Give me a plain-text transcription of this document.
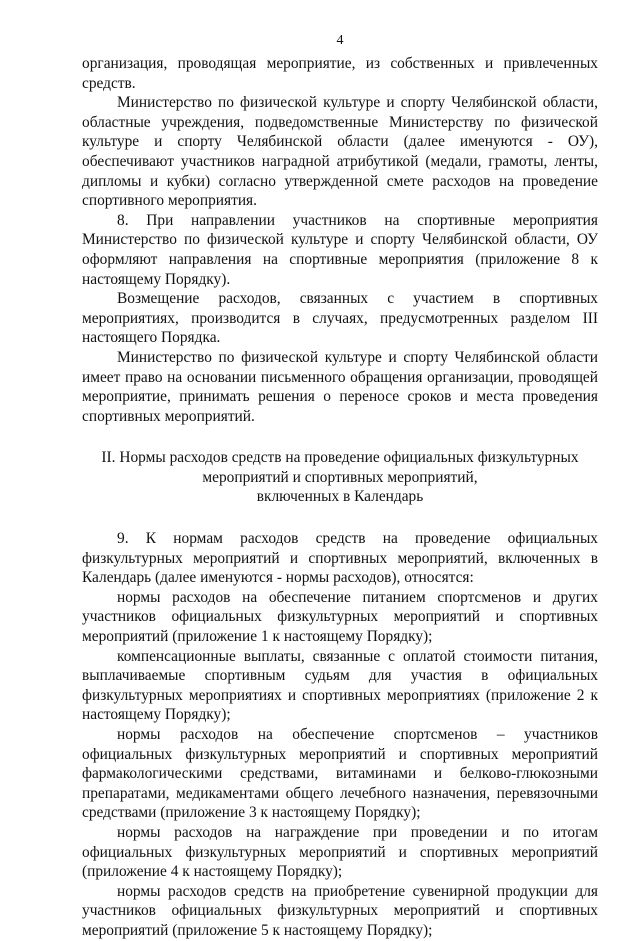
4

организация, проводящая мероприятие, из собственных и привлеченных средств.

Министерство по физической культуре и спорту Челябинской области, областные учреждения, подведомственные Министерству по физической культуре и спорту Челябинской области (далее именуются - ОУ), обеспечивают участников наградной атрибутикой (медали, грамоты, ленты, дипломы и кубки) согласно утвержденной смете расходов на проведение спортивного мероприятия.

8. При направлении участников на спортивные мероприятия Министерство по физической культуре и спорту Челябинской области, ОУ оформляют направления на спортивные мероприятия (приложение 8 к настоящему Порядку).

Возмещение расходов, связанных с участием в спортивных мероприятиях, производится в случаях, предусмотренных разделом III настоящего Порядка.

Министерство по физической культуре и спорту Челябинской области имеет право на основании письменного обращения организации, проводящей мероприятие, принимать решения о переносе сроков и места проведения спортивных мероприятий.

II. Нормы расходов средств на проведение официальных физкультурных
мероприятий и спортивных мероприятий,
включенных в Календарь

9. К нормам расходов средств на проведение официальных физкультурных мероприятий и спортивных мероприятий, включенных в Календарь (далее именуются - нормы расходов), относятся:

нормы расходов на обеспечение питанием спортсменов и других участников официальных физкультурных мероприятий и спортивных мероприятий (приложение 1 к настоящему Порядку);

компенсационные выплаты, связанные с оплатой стоимости питания, выплачиваемые спортивным судьям для участия в официальных физкультурных мероприятиях и спортивных мероприятиях (приложение 2 к настоящему Порядку);

нормы расходов на обеспечение спортсменов – участников официальных физкультурных мероприятий и спортивных мероприятий фармакологическими средствами, витаминами и белково-глюкозными препаратами, медикаментами общего лечебного назначения, перевязочными средствами (приложение 3 к настоящему Порядку);

нормы расходов на награждение при проведении и по итогам официальных физкультурных мероприятий и спортивных мероприятий (приложение 4 к настоящему Порядку);

нормы расходов средств на приобретение сувенирной продукции для участников официальных физкультурных мероприятий и спортивных мероприятий (приложение 5 к настоящему Порядку);
